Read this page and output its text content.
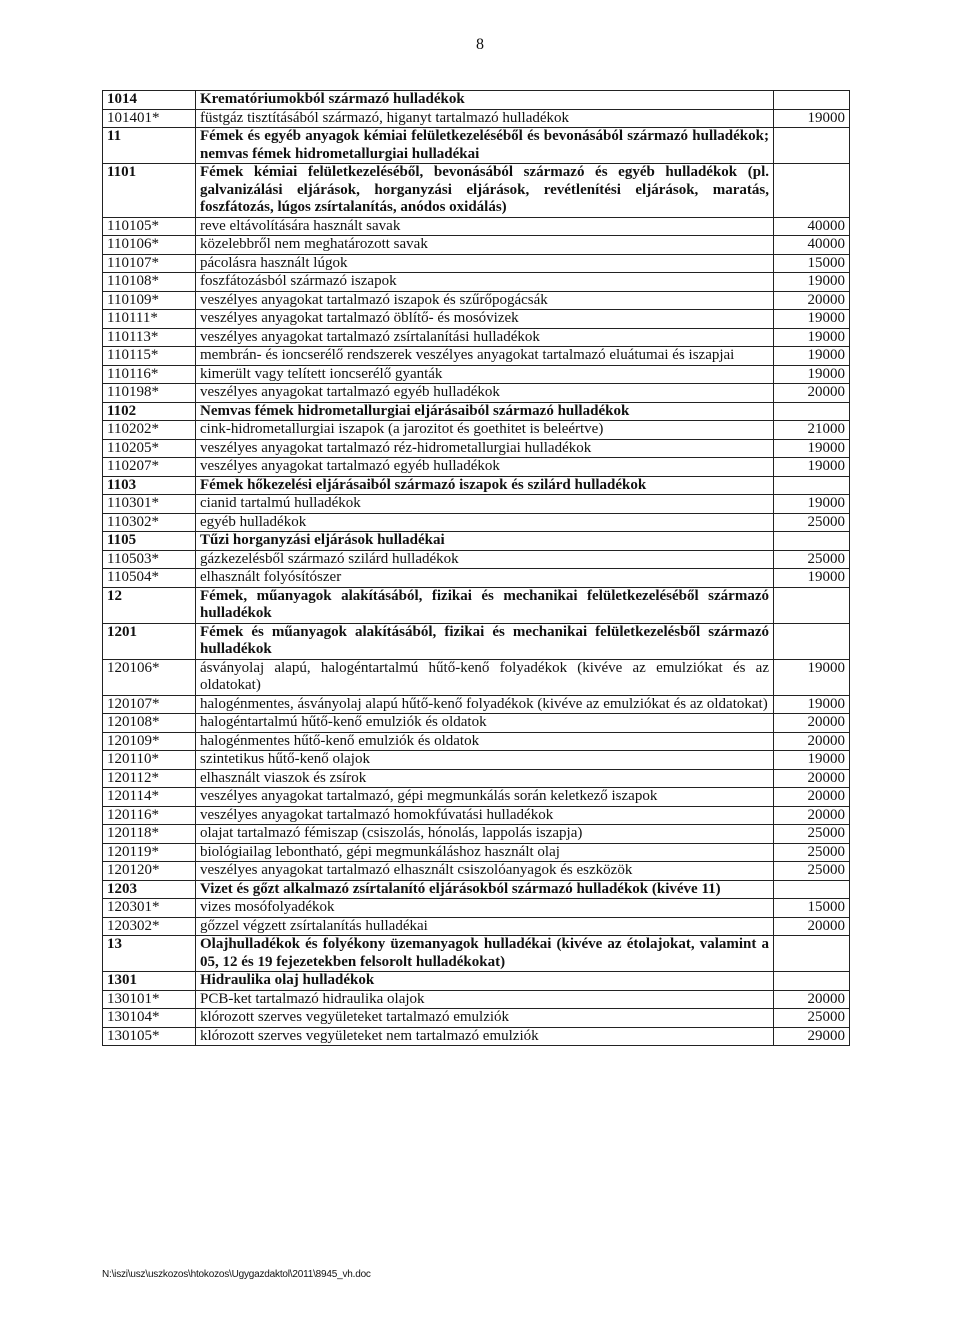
8
1014	Krematóriumokból származó hulladékok	
101401*	füstgáz tisztításából származó, higanyt tartalmazó hulladékok	19000
11	Fémek és egyéb anyagok kémiai felületkezeléséből és bevonásából származó hulladékok; nemvas fémek hidrometallurgiai hulladékai	
1101	Fémek kémiai felületkezeléséből, bevonásából származó és egyéb hulladékok (pl. galvanizálási eljárások, horganyzási eljárások, revétlenítési eljárások, maratás, foszfátozás, lúgos zsírtalanítás, anódos oxidálás)	
110105*	reve eltávolítására használt savak	40000
110106*	közelebbről nem meghatározott savak	40000
110107*	pácolásra használt lúgok	15000
110108*	foszfátozásból származó iszapok	19000
110109*	veszélyes anyagokat tartalmazó iszapok és szűrőpogácsák	20000
110111*	veszélyes anyagokat tartalmazó öblítő- és mosóvizek	19000
110113*	veszélyes anyagokat tartalmazó zsírtalanítási hulladékok	19000
110115*	membrán- és ioncserélő rendszerek veszélyes anyagokat tartalmazó eluátumai és iszapjai	19000
110116*	kimerült vagy telített ioncserélő gyanták	19000
110198*	veszélyes anyagokat tartalmazó egyéb hulladékok	20000
1102	Nemvas fémek hidrometallurgiai eljárásaiból származó hulladékok	
110202*	cink-hidrometallurgiai iszapok (a jarozitot és goethitet is beleértve)	21000
110205*	veszélyes anyagokat tartalmazó réz-hidrometallurgiai hulladékok	19000
110207*	veszélyes anyagokat tartalmazó egyéb hulladékok	19000
1103	Fémek hőkezelési eljárásaiból származó iszapok és szilárd hulladékok	
110301*	cianid tartalmú hulladékok	19000
110302*	egyéb hulladékok	25000
1105	Tűzi horganyzási eljárások hulladékai	
110503*	gázkezelésből származó szilárd hulladékok	25000
110504*	elhasznált folyósítószer	19000
12	Fémek, műanyagok alakításából, fizikai és mechanikai felületkezeléséből származó hulladékok	
1201	Fémek és műanyagok alakításából, fizikai és mechanikai felületkezelésből származó hulladékok	
120106*	ásványolaj alapú, halogéntartalmú hűtő-kenő folyadékok (kivéve az emulziókat és az oldatokat)	19000
120107*	halogénmentes, ásványolaj alapú hűtő-kenő folyadékok (kivéve az emulziókat és az oldatokat)	19000
120108*	halogéntartalmú hűtő-kenő emulziók és oldatok	20000
120109*	halogénmentes hűtő-kenő emulziók és oldatok	20000
120110*	szintetikus hűtő-kenő olajok	19000
120112*	elhasznált viaszok és zsírok	20000
120114*	veszélyes anyagokat tartalmazó, gépi megmunkálás során keletkező iszapok	20000
120116*	veszélyes anyagokat tartalmazó homokfúvatási hulladékok	20000
120118*	olajat tartalmazó fémiszap (csiszolás, hónolás, lappolás iszapja)	25000
120119*	biológiailag lebontható, gépi megmunkáláshoz használt olaj	25000
120120*	veszélyes anyagokat tartalmazó elhasznált csiszolóanyagok és eszközök	25000
1203	Vizet és gőzt alkalmazó zsírtalanító eljárásokból származó hulladékok (kivéve 11)	
120301*	vizes mosófolyadékok	15000
120302*	gőzzel végzett zsírtalanítás hulladékai	20000
13	Olajhulladékok és folyékony üzemanyagok hulladékai (kivéve az étolajokat, valamint a 05, 12 és 19 fejezetekben felsorolt hulladékokat)	
1301	Hidraulika olaj hulladékok	
130101*	PCB-ket tartalmazó hidraulika olajok	20000
130104*	klórozott szerves vegyületeket tartalmazó emulziók	25000
130105*	klórozott szerves vegyületeket nem tartalmazó emulziók	29000
N:\iszi\usz\uszkozos\htokozos\Ugygazdaktol\2011\8945_vh.doc
